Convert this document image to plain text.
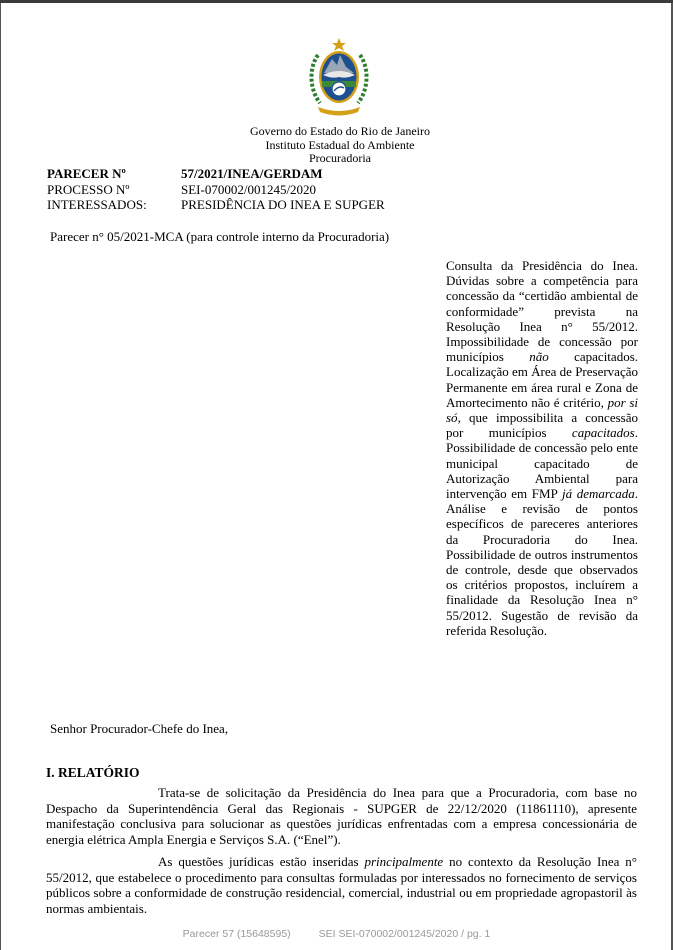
Governo do Estado do Rio de Janeiro
Instituto Estadual do Ambiente
Procuradoria
PARECER Nº	57/2021/INEA/GERDAM
PROCESSO Nº	SEI-070002/001245/2020
INTERESSADOS:	PRESIDÊNCIA DO INEA E SUPGER
Parecer n° 05/2021-MCA (para controle interno da Procuradoria)
Consulta da Presidência do Inea. Dúvidas sobre a competência para concessão da “certidão ambiental de conformidade” prevista na Resolução Inea n° 55/2012. Impossibilidade de concessão por municípios não capacitados. Localização em Área de Preservação Permanente em área rural e Zona de Amortecimento não é critério, por si só, que impossibilita a concessão por municípios capacitados. Possibilidade de concessão pelo ente municipal capacitado de Autorização Ambiental para intervenção em FMP já demarcada. Análise e revisão de pontos específicos de pareceres anteriores da Procuradoria do Inea. Possibilidade de outros instrumentos de controle, desde que observados os critérios propostos, incluírem a finalidade da Resolução Inea n° 55/2012. Sugestão de revisão da referida Resolução.
Senhor Procurador-Chefe do Inea,
I. RELATÓRIO
Trata-se de solicitação da Presidência do Inea para que a Procuradoria, com base no Despacho da Superintendência Geral das Regionais - SUPGER de 22/12/2020 (11861110), apresente manifestação conclusiva para solucionar as questões jurídicas enfrentadas com a empresa concessionária de energia elétrica Ampla Energia e Serviços S.A. (“Enel”).
As questões jurídicas estão inseridas principalmente no contexto da Resolução Inea n° 55/2012, que estabelece o procedimento para consultas formuladas por interessados no fornecimento de serviços públicos sobre a conformidade de construção residencial, comercial, industrial ou em propriedade agropastoril às normas ambientais.
Parecer 57 (15648595)	SEI SEI-070002/001245/2020 / pg. 1
